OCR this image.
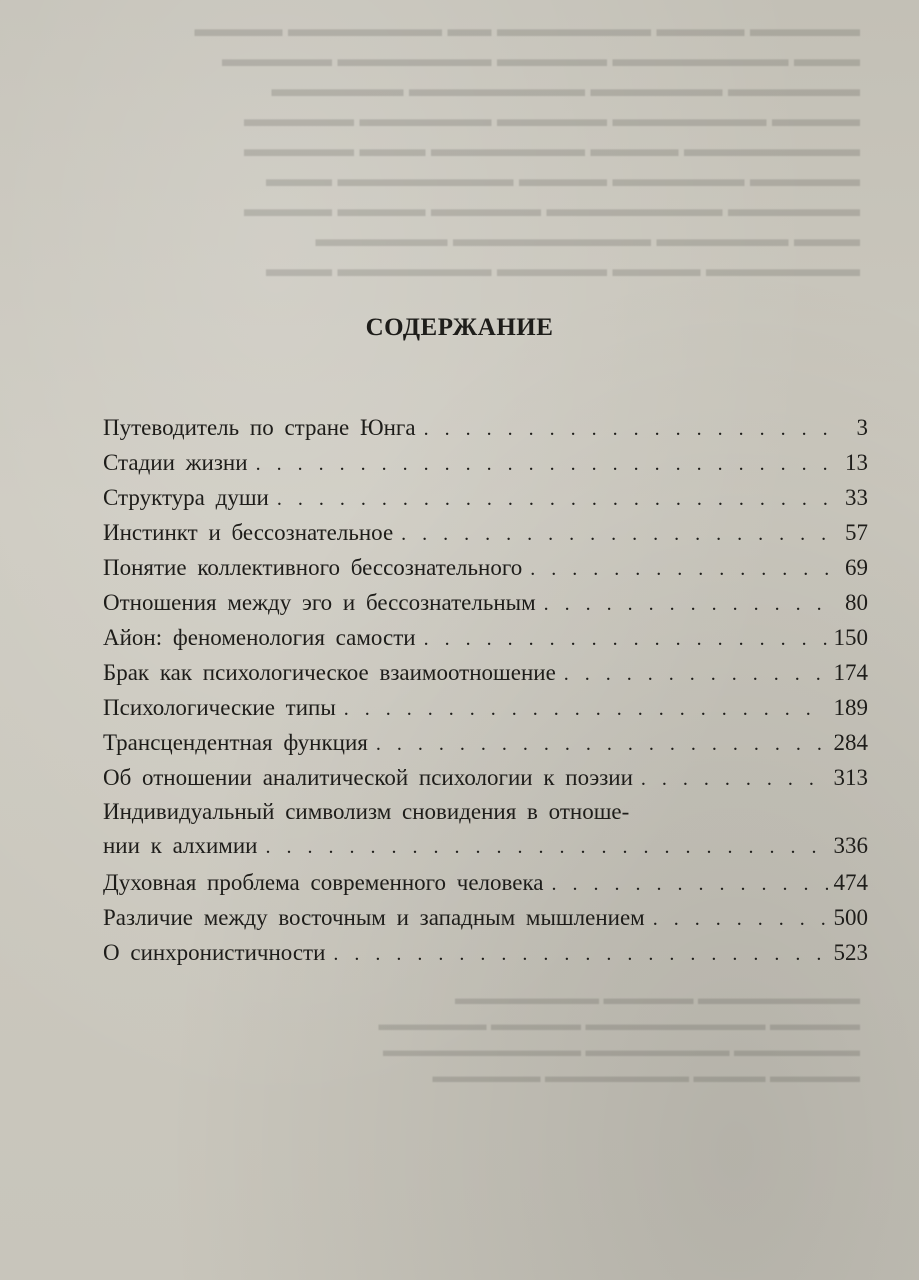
▬▬▬▬▬ ▬▬▬▬ ▬▬▬▬▬▬▬ ▬▬ ▬▬▬▬▬▬▬ ▬▬▬▬
▬▬▬ ▬▬▬▬▬▬▬▬ ▬▬▬▬▬ ▬▬▬▬▬▬▬ ▬▬▬▬▬
▬▬▬▬▬▬ ▬▬▬▬▬▬ ▬▬▬▬▬▬▬▬ ▬▬▬▬▬▬
▬▬▬▬ ▬▬▬▬▬▬▬ ▬▬▬▬▬ ▬▬▬▬▬▬ ▬▬▬▬▬
▬▬▬▬▬▬▬▬ ▬▬▬▬ ▬▬▬▬▬▬▬ ▬▬▬ ▬▬▬▬▬
▬▬▬▬▬ ▬▬▬▬▬▬ ▬▬▬▬ ▬▬▬▬▬▬▬▬ ▬▬▬
▬▬▬▬▬▬ ▬▬▬▬▬▬▬▬ ▬▬▬▬▬ ▬▬▬▬ ▬▬▬▬
▬▬▬ ▬▬▬▬▬▬ ▬▬▬▬▬▬▬▬▬ ▬▬▬▬▬▬
▬▬▬▬▬▬▬ ▬▬▬▬ ▬▬▬▬▬ ▬▬▬▬▬▬▬ ▬▬▬
СОДЕРЖАНИЕ
Путеводитель по стране Юнга . . .	3
Стадии жизни . . .	13
Структура души . . .	33
Инстинкт и бессознательное . . .	57
Понятие коллективного бессознательного . . .	69
Отношения между эго и бессознательным . . .	80
Айон: феноменология самости . . .	150
Брак как психологическое взаимоотношение . . .	174
Психологические типы . . .	189
Трансцендентная функция . . .	284
Об отношении аналитической психологии к поэзии . . .	313
Индивидуальный символизм сновидения в отноше-
нии к алхимии . . .	336
Духовная проблема современного человека . . .	474
Различие между восточным и западным мышлением . . .	500
О синхронистичности . . .	523
▬▬▬▬▬▬▬▬▬ ▬▬▬▬▬ ▬▬▬▬▬▬▬▬
▬▬▬▬▬ ▬▬▬▬▬▬▬▬▬▬ ▬▬▬▬▬ ▬▬▬▬▬▬
▬▬▬▬▬▬▬ ▬▬▬▬▬▬▬▬ ▬▬▬▬▬▬▬▬▬▬▬
▬▬▬▬▬ ▬▬▬▬ ▬▬▬▬▬▬▬▬ ▬▬▬▬▬▬
